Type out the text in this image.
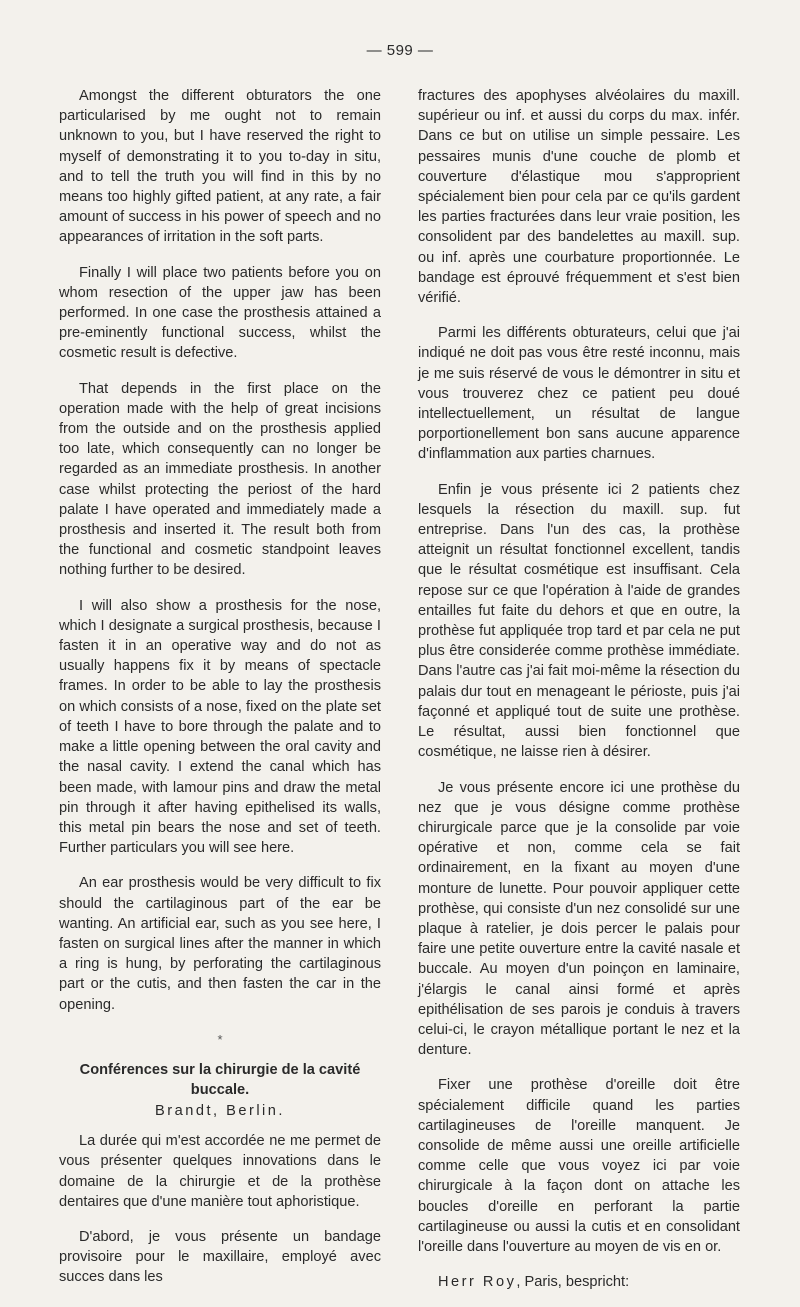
— 599 —

Amongst the different obturators the one particularised by me ought not to remain unknown to you, but I have reserved the right to myself of demonstrating it to you to-day in situ, and to tell the truth you will find in this by no means too highly gifted patient, at any rate, a fair amount of success in his power of speech and no appearances of irritation in the soft parts.

Finally I will place two patients before you on whom resection of the upper jaw has been performed. In one case the prosthesis attained a pre-eminently functional success, whilst the cosmetic result is defective.

That depends in the first place on the operation made with the help of great incisions from the outside and on the prosthesis applied too late, which consequently can no longer be regarded as an immediate prosthesis. In another case whilst protecting the periost of the hard palate I have operated and immediately made a prosthesis and inserted it. The result both from the functional and cosmetic standpoint leaves nothing further to be desired.

I will also show a prosthesis for the nose, which I designate a surgical prosthesis, because I fasten it in an operative way and do not as usually happens fix it by means of spectacle frames. In order to be able to lay the prosthesis on which consists of a nose, fixed on the plate set of teeth I have to bore through the palate and to make a little opening between the oral cavity and the nasal cavity. I extend the canal which has been made, with lamour pins and draw the metal pin through it after having epithelised its walls, this metal pin bears the nose and set of teeth. Further particulars you will see here.

An ear prosthesis would be very difficult to fix should the cartilaginous part of the ear be wanting. An artificial ear, such as you see here, I fasten on surgical lines after the manner in which a ring is hung, by perforating the cartilaginous part or the cutis, and then fasten the car in the opening.

*
Conférences sur la chirurgie de la cavité buccale.
Brandt, Berlin.

La durée qui m'est accordée ne me permet de vous présenter quelques innovations dans le domaine de la chirurgie et de la prothèse dentaires que d'une manière tout aphoristique.

D'abord, je vous présente un bandage provisoire pour le maxillaire, employé avec succes dans les

fractures des apophyses alvéolaires du maxill. supérieur ou inf. et aussi du corps du max. infér. Dans ce but on utilise un simple pessaire. Les pessaires munis d'une couche de plomb et couverture d'élastique mou s'approprient spécialement bien pour cela par ce qu'ils gardent les parties fracturées dans leur vraie position, les consolident par des bandelettes au maxill. sup. ou inf. après une courbature proportionnée. Le bandage est éprouvé fréquemment et s'est bien vérifié.

Parmi les différents obturateurs, celui que j'ai indiqué ne doit pas vous être resté inconnu, mais je me suis réservé de vous le démontrer in situ et vous trouverez chez ce patient peu doué intellectuellement, un résultat de langue porportionellement bon sans aucune apparence d'inflammation aux parties charnues.

Enfin je vous présente ici 2 patients chez lesquels la résection du maxill. sup. fut entreprise. Dans l'un des cas, la prothèse atteignit un résultat fonctionnel excellent, tandis que le résultat cosmétique est insuffisant. Cela repose sur ce que l'opération à l'aide de grandes entailles fut faite du dehors et que en outre, la prothèse fut appliquée trop tard et par cela ne put plus être considerée comme prothèse immédiate. Dans l'autre cas j'ai fait moi-même la résection du palais dur tout en menageant le périoste, puis j'ai façonné et appliqué tout de suite une prothèse. Le résultat, aussi bien fonctionnel que cosmétique, ne laisse rien à désirer.

Je vous présente encore ici une prothèse du nez que je vous désigne comme prothèse chirurgicale parce que je la consolide par voie opérative et non, comme cela se fait ordinairement, en la fixant au moyen d'une monture de lunette. Pour pouvoir appliquer cette prothèse, qui consiste d'un nez consolidé sur une plaque à ratelier, je dois percer le palais pour faire une petite ouverture entre la cavité nasale et buccale. Au moyen d'un poinçon en laminaire, j'élargis le canal ainsi formé et après epithélisation de ses parois je conduis à travers celui-ci, le crayon métallique portant le nez et la denture.

Fixer une prothèse d'oreille doit être spécialement difficile quand les parties cartilagineuses de l'oreille manquent. Je consolide de même aussi une oreille artificielle comme celle que vous voyez ici par voie chirurgicale à la façon dont on attache les boucles d'oreille en perforant la partie cartilagineuse ou aussi la cutis et en consolidant l'oreille dans l'ouverture au moyen de vis en or.

Herr Roy, Paris, bespricht:
